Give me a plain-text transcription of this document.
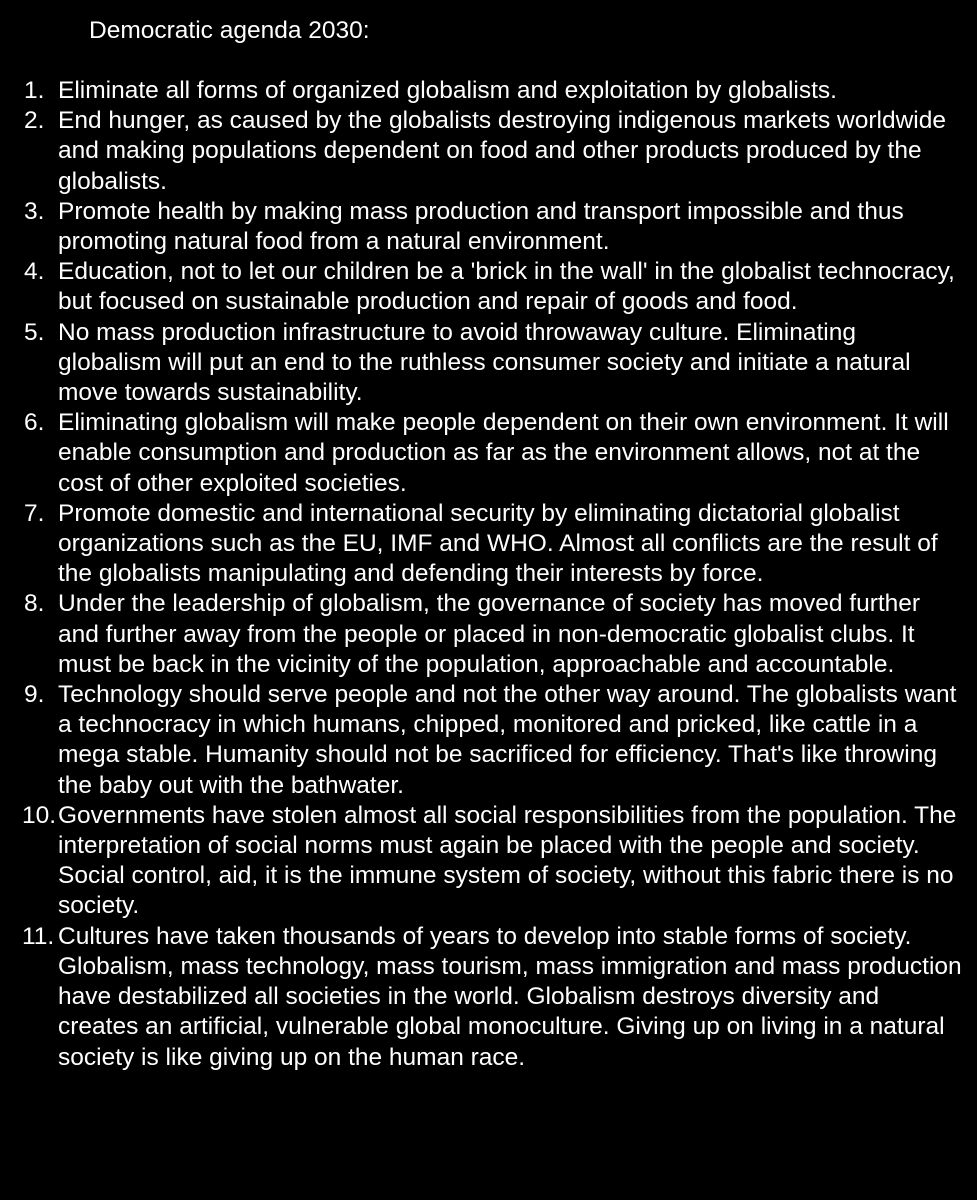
Democratic agenda 2030:
1. Eliminate all forms of organized globalism and exploitation by globalists.
2. End hunger, as caused by the globalists destroying indigenous markets worldwide and making populations dependent on food and other products produced by the globalists.
3. Promote health by making mass production and transport impossible and thus promoting natural food from a natural environment.
4. Education, not to let our children be a 'brick in the wall' in the globalist technocracy, but focused on sustainable production and repair of goods and food.
5. No mass production infrastructure to avoid throwaway culture. Eliminating globalism will put an end to the ruthless consumer society and initiate a natural move towards sustainability.
6. Eliminating globalism will make people dependent on their own environment. It will enable consumption and production as far as the environment allows, not at the cost of other exploited societies.
7. Promote domestic and international security by eliminating dictatorial globalist organizations such as the EU, IMF and WHO. Almost all conflicts are the result of the globalists manipulating and defending their interests by force.
8. Under the leadership of globalism, the governance of society has moved further and further away from the people or placed in non-democratic globalist clubs. It must be back in the vicinity of the population, approachable and accountable.
9. Technology should serve people and not the other way around. The globalists want a technocracy in which humans, chipped, monitored and pricked, like cattle in a mega stable. Humanity should not be sacrificed for efficiency. That's like throwing the baby out with the bathwater.
10. Governments have stolen almost all social responsibilities from the population. The interpretation of social norms must again be placed with the people and society. Social control, aid, it is the immune system of society, without this fabric there is no society.
11. Cultures have taken thousands of years to develop into stable forms of society. Globalism, mass technology, mass tourism, mass immigration and mass production have destabilized all societies in the world. Globalism destroys diversity and creates an artificial, vulnerable global monoculture. Giving up on living in a natural society is like giving up on the human race.
